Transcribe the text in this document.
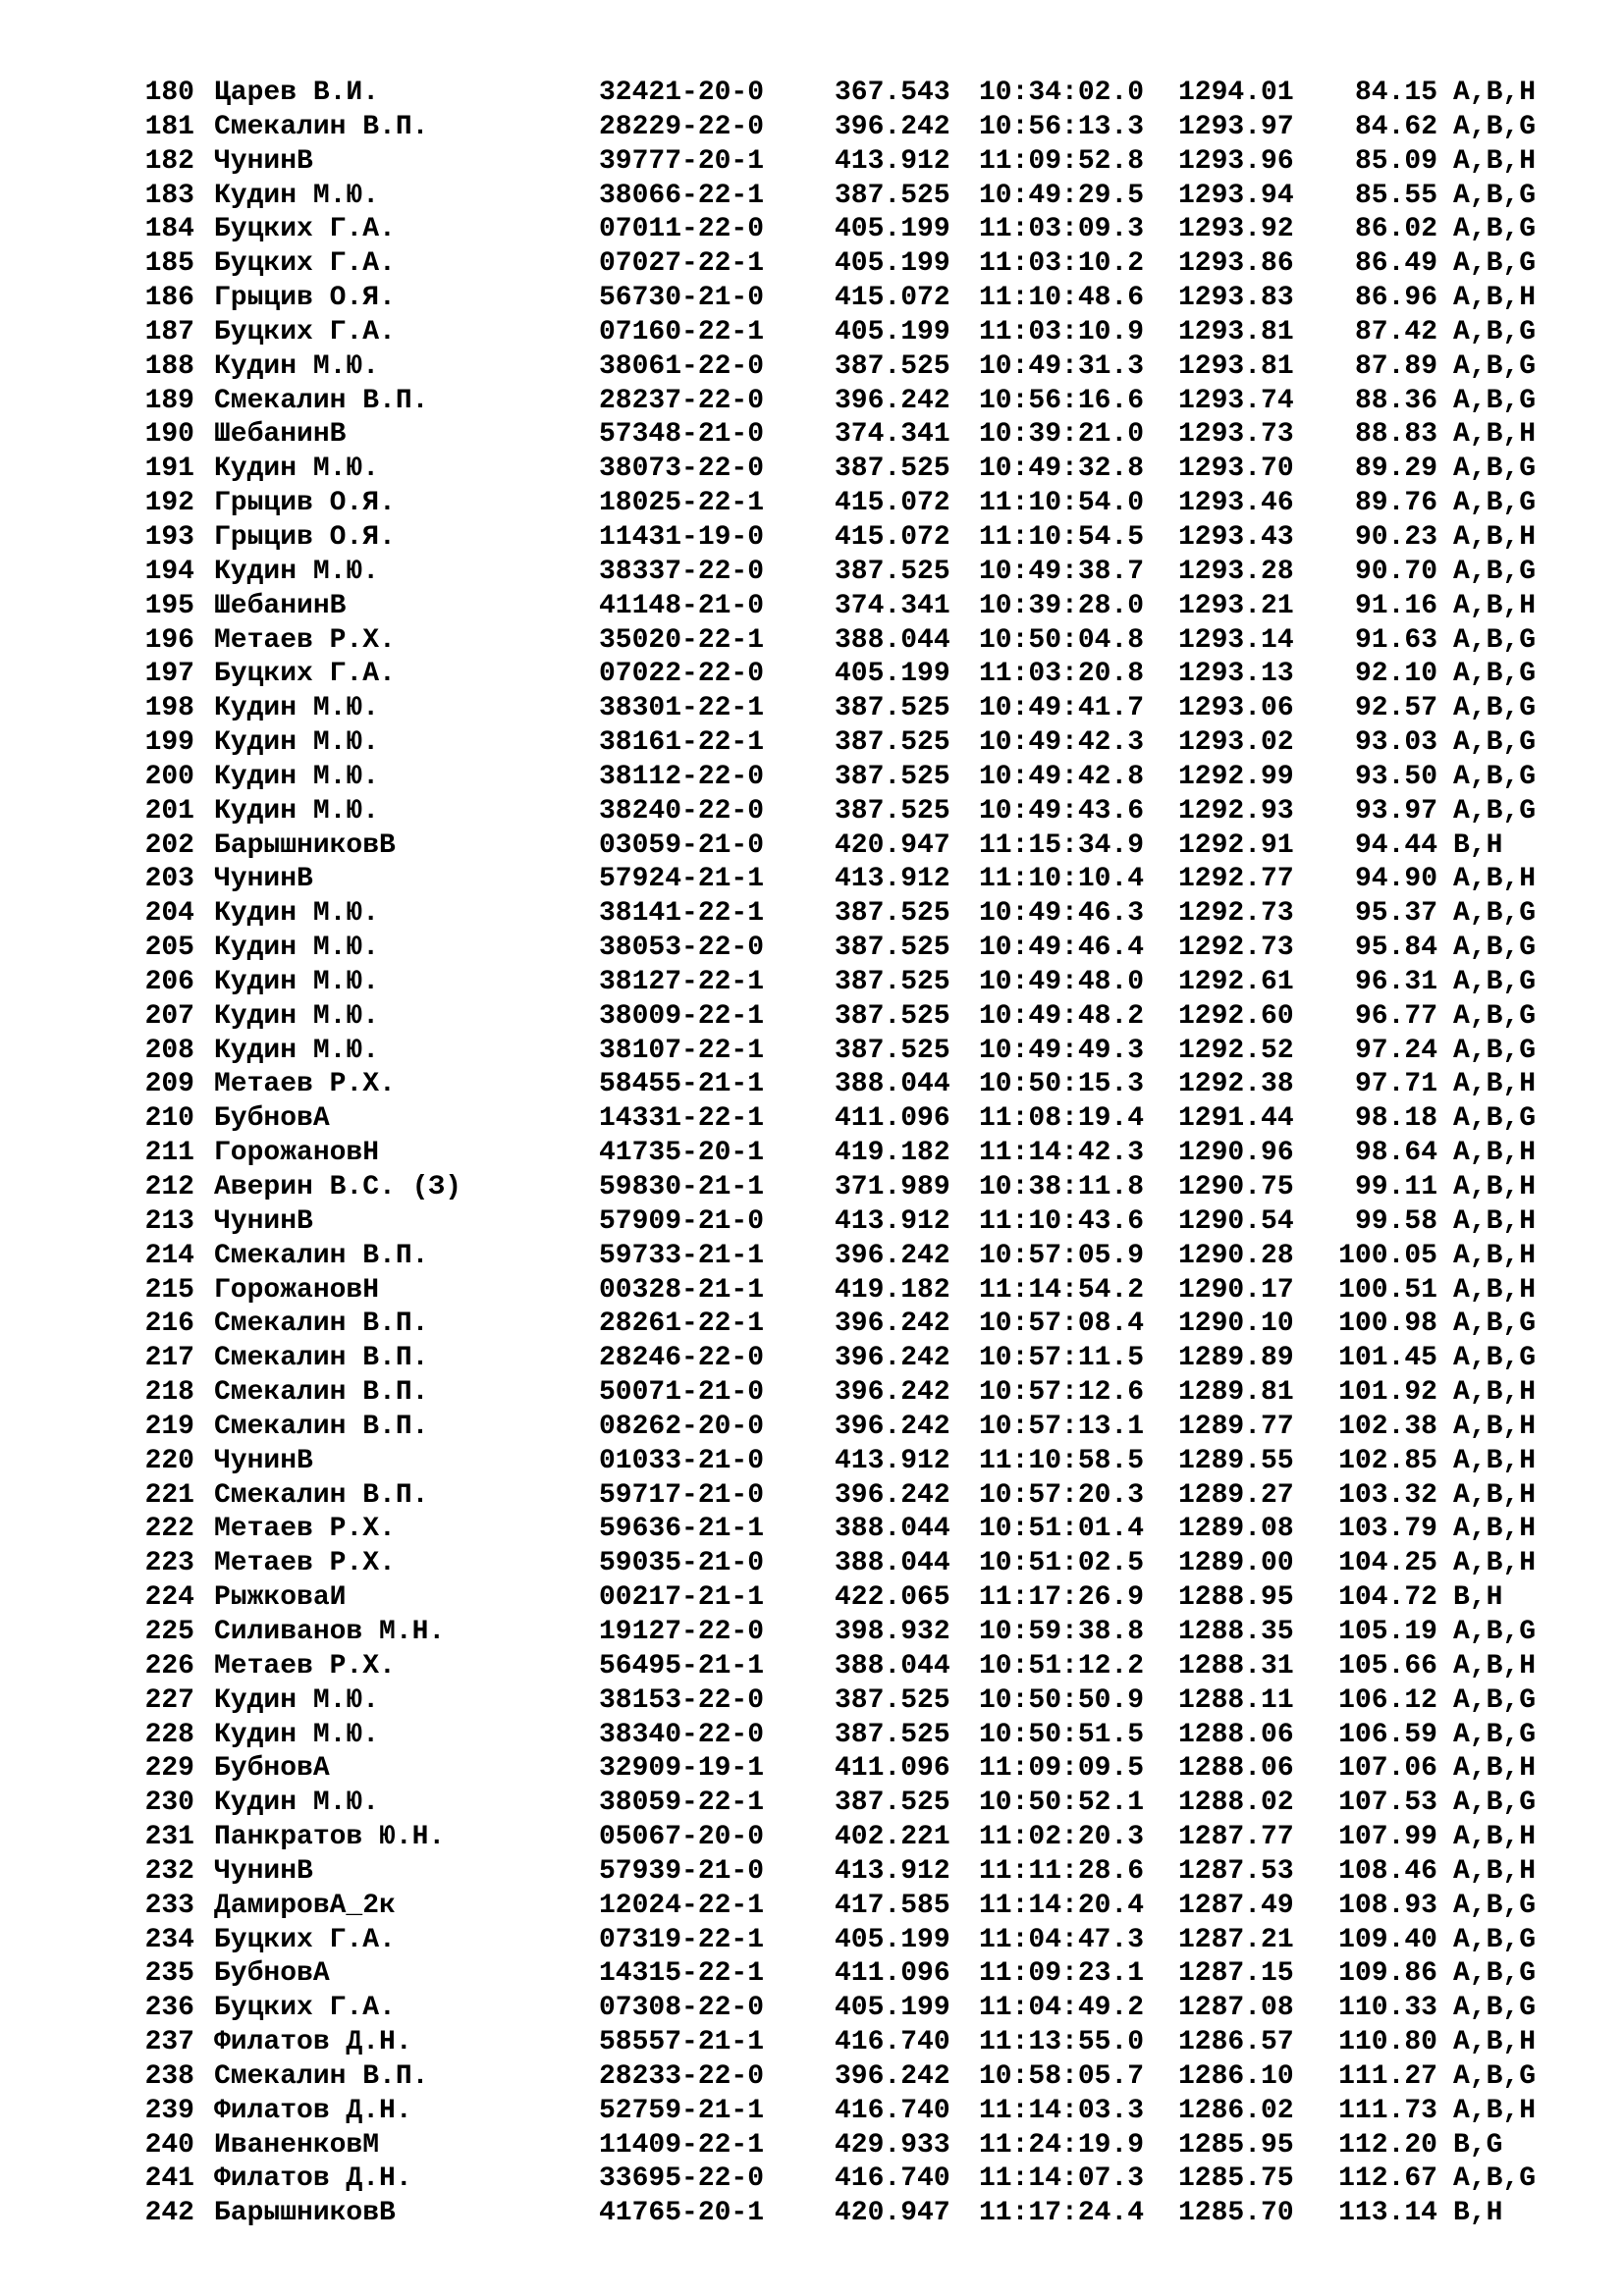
180 Царев В.И.	32421-20-0	367.543 10:34:02.0 1294.01	84.15 A,B,H
181 Смекалин В.П.	28229-22-0	396.242 10:56:13.3 1293.97	84.62 A,B,G
182 ЧунинВ	39777-20-1	413.912 11:09:52.8 1293.96	85.09 A,B,H
183 Кудин М.Ю.	38066-22-1	387.525 10:49:29.5 1293.94	85.55 A,B,G
184 Буцких Г.А.	07011-22-0	405.199 11:03:09.3 1293.92	86.02 A,B,G
185 Буцких Г.А.	07027-22-1	405.199 11:03:10.2 1293.86	86.49 A,B,G
186 Грыцив О.Я.	56730-21-0	415.072 11:10:48.6 1293.83	86.96 A,B,H
187 Буцких Г.А.	07160-22-1	405.199 11:03:10.9 1293.81	87.42 A,B,G
188 Кудин М.Ю.	38061-22-0	387.525 10:49:31.3 1293.81	87.89 A,B,G
189 Смекалин В.П.	28237-22-0	396.242 10:56:16.6 1293.74	88.36 A,B,G
190 ШебанинВ	57348-21-0	374.341 10:39:21.0 1293.73	88.83 A,B,H
191 Кудин М.Ю.	38073-22-0	387.525 10:49:32.8 1293.70	89.29 A,B,G
192 Грыцив О.Я.	18025-22-1	415.072 11:10:54.0 1293.46	89.76 A,B,G
193 Грыцив О.Я.	11431-19-0	415.072 11:10:54.5 1293.43	90.23 A,B,H
194 Кудин М.Ю.	38337-22-0	387.525 10:49:38.7 1293.28	90.70 A,B,G
195 ШебанинВ	41148-21-0	374.341 10:39:28.0 1293.21	91.16 A,B,H
196 Метаев Р.Х.	35020-22-1	388.044 10:50:04.8 1293.14	91.63 A,B,G
197 Буцких Г.А.	07022-22-0	405.199 11:03:20.8 1293.13	92.10 A,B,G
198 Кудин М.Ю.	38301-22-1	387.525 10:49:41.7 1293.06	92.57 A,B,G
199 Кудин М.Ю.	38161-22-1	387.525 10:49:42.3 1293.02	93.03 A,B,G
200 Кудин М.Ю.	38112-22-0	387.525 10:49:42.8 1292.99	93.50 A,B,G
201 Кудин М.Ю.	38240-22-0	387.525 10:49:43.6 1292.93	93.97 A,B,G
202 БарышниковВ	03059-21-0	420.947 11:15:34.9 1292.91	94.44 B,H
203 ЧунинВ	57924-21-1	413.912 11:10:10.4 1292.77	94.90 A,B,H
204 Кудин М.Ю.	38141-22-1	387.525 10:49:46.3 1292.73	95.37 A,B,G
205 Кудин М.Ю.	38053-22-0	387.525 10:49:46.4 1292.73	95.84 A,B,G
206 Кудин М.Ю.	38127-22-1	387.525 10:49:48.0 1292.61	96.31 A,B,G
207 Кудин М.Ю.	38009-22-1	387.525 10:49:48.2 1292.60	96.77 A,B,G
208 Кудин М.Ю.	38107-22-1	387.525 10:49:49.3 1292.52	97.24 A,B,G
209 Метаев Р.Х.	58455-21-1	388.044 10:50:15.3 1292.38	97.71 A,B,H
210 БубновА	14331-22-1	411.096 11:08:19.4 1291.44	98.18 A,B,G
211 ГорожановН	41735-20-1	419.182 11:14:42.3 1290.96	98.64 A,B,H
212 Аверин В.С. (З)	59830-21-1	371.989 10:38:11.8 1290.75	99.11 A,B,H
213 ЧунинВ	57909-21-0	413.912 11:10:43.6 1290.54	99.58 A,B,H
214 Смекалин В.П.	59733-21-1	396.242 10:57:05.9 1290.28	100.05 A,B,H
215 ГорожановН	00328-21-1	419.182 11:14:54.2 1290.17	100.51 A,B,H
216 Смекалин В.П.	28261-22-1	396.242 10:57:08.4 1290.10	100.98 A,B,G
217 Смекалин В.П.	28246-22-0	396.242 10:57:11.5 1289.89	101.45 A,B,G
218 Смекалин В.П.	50071-21-0	396.242 10:57:12.6 1289.81	101.92 A,B,H
219 Смекалин В.П.	08262-20-0	396.242 10:57:13.1 1289.77	102.38 A,B,H
220 ЧунинВ	01033-21-0	413.912 11:10:58.5 1289.55	102.85 A,B,H
221 Смекалин В.П.	59717-21-0	396.242 10:57:20.3 1289.27	103.32 A,B,H
222 Метаев Р.Х.	59636-21-1	388.044 10:51:01.4 1289.08	103.79 A,B,H
223 Метаев Р.Х.	59035-21-0	388.044 10:51:02.5 1289.00	104.25 A,B,H
224 РыжковаИ	00217-21-1	422.065 11:17:26.9 1288.95	104.72 B,H
225 Силиванов М.Н.	19127-22-0	398.932 10:59:38.8 1288.35	105.19 A,B,G
226 Метаев Р.Х.	56495-21-1	388.044 10:51:12.2 1288.31	105.66 A,B,H
227 Кудин М.Ю.	38153-22-0	387.525 10:50:50.9 1288.11	106.12 A,B,G
228 Кудин М.Ю.	38340-22-0	387.525 10:50:51.5 1288.06	106.59 A,B,G
229 БубновА	32909-19-1	411.096 11:09:09.5 1288.06	107.06 A,B,H
230 Кудин М.Ю.	38059-22-1	387.525 10:50:52.1 1288.02	107.53 A,B,G
231 Панкратов Ю.Н.	05067-20-0	402.221 11:02:20.3 1287.77	107.99 A,B,H
232 ЧунинВ	57939-21-0	413.912 11:11:28.6 1287.53	108.46 A,B,H
233 ДамировА_2к	12024-22-1	417.585 11:14:20.4 1287.49	108.93 A,B,G
234 Буцких Г.А.	07319-22-1	405.199 11:04:47.3 1287.21	109.40 A,B,G
235 БубновА	14315-22-1	411.096 11:09:23.1 1287.15	109.86 A,B,G
236 Буцких Г.А.	07308-22-0	405.199 11:04:49.2 1287.08	110.33 A,B,G
237 Филатов Д.Н.	58557-21-1	416.740 11:13:55.0 1286.57	110.80 A,B,H
238 Смекалин В.П.	28233-22-0	396.242 10:58:05.7 1286.10	111.27 A,B,G
239 Филатов Д.Н.	52759-21-1	416.740 11:14:03.3 1286.02	111.73 A,B,H
240 ИваненковМ	11409-22-1	429.933 11:24:19.9 1285.95	112.20 B,G
241 Филатов Д.Н.	33695-22-0	416.740 11:14:07.3 1285.75	112.67 A,B,G
242 БарышниковВ	41765-20-1	420.947 11:17:24.4 1285.70	113.14 B,H
